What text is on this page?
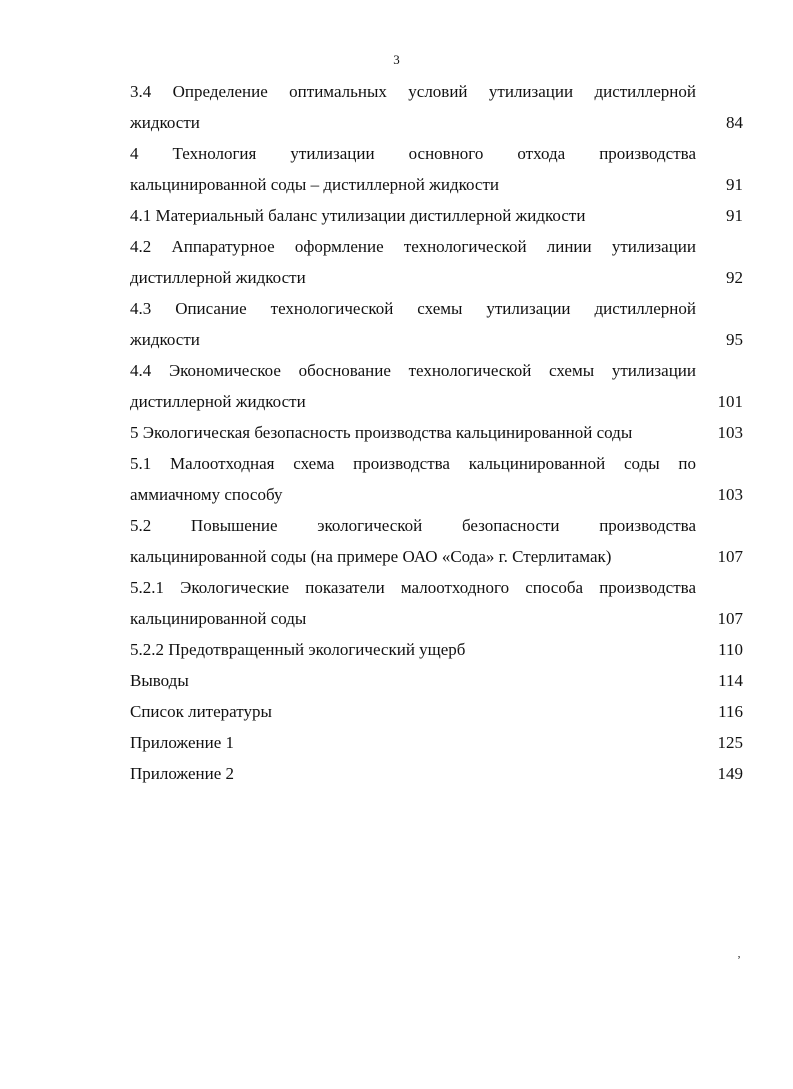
3
3.4 Определение оптимальных условий утилизации дистиллерной
жидкости	84
4 Технология утилизации основного отхода производства
кальцинированной соды – дистиллерной жидкости	91
4.1 Материальный баланс утилизации дистиллерной жидкости	91
4.2 Аппаратурное оформление технологической линии утилизации
дистиллерной жидкости	92
4.3 Описание технологической схемы утилизации дистиллерной
жидкости	95
4.4 Экономическое обоснование технологической схемы утилизации
дистиллерной жидкости	101
5 Экологическая безопасность производства кальцинированной соды	103
5.1 Малоотходная схема производства кальцинированной соды по
аммиачному способу	103
5.2 Повышение экологической безопасности производства
кальцинированной соды (на примере ОАО «Сода» г. Стерлитамак)	107
5.2.1 Экологические показатели малоотходного способа производства
кальцинированной соды	107
5.2.2 Предотвращенный экологический ущерб	110
Выводы	114
Список литературы	116
Приложение 1	125
Приложение 2	149
‚
